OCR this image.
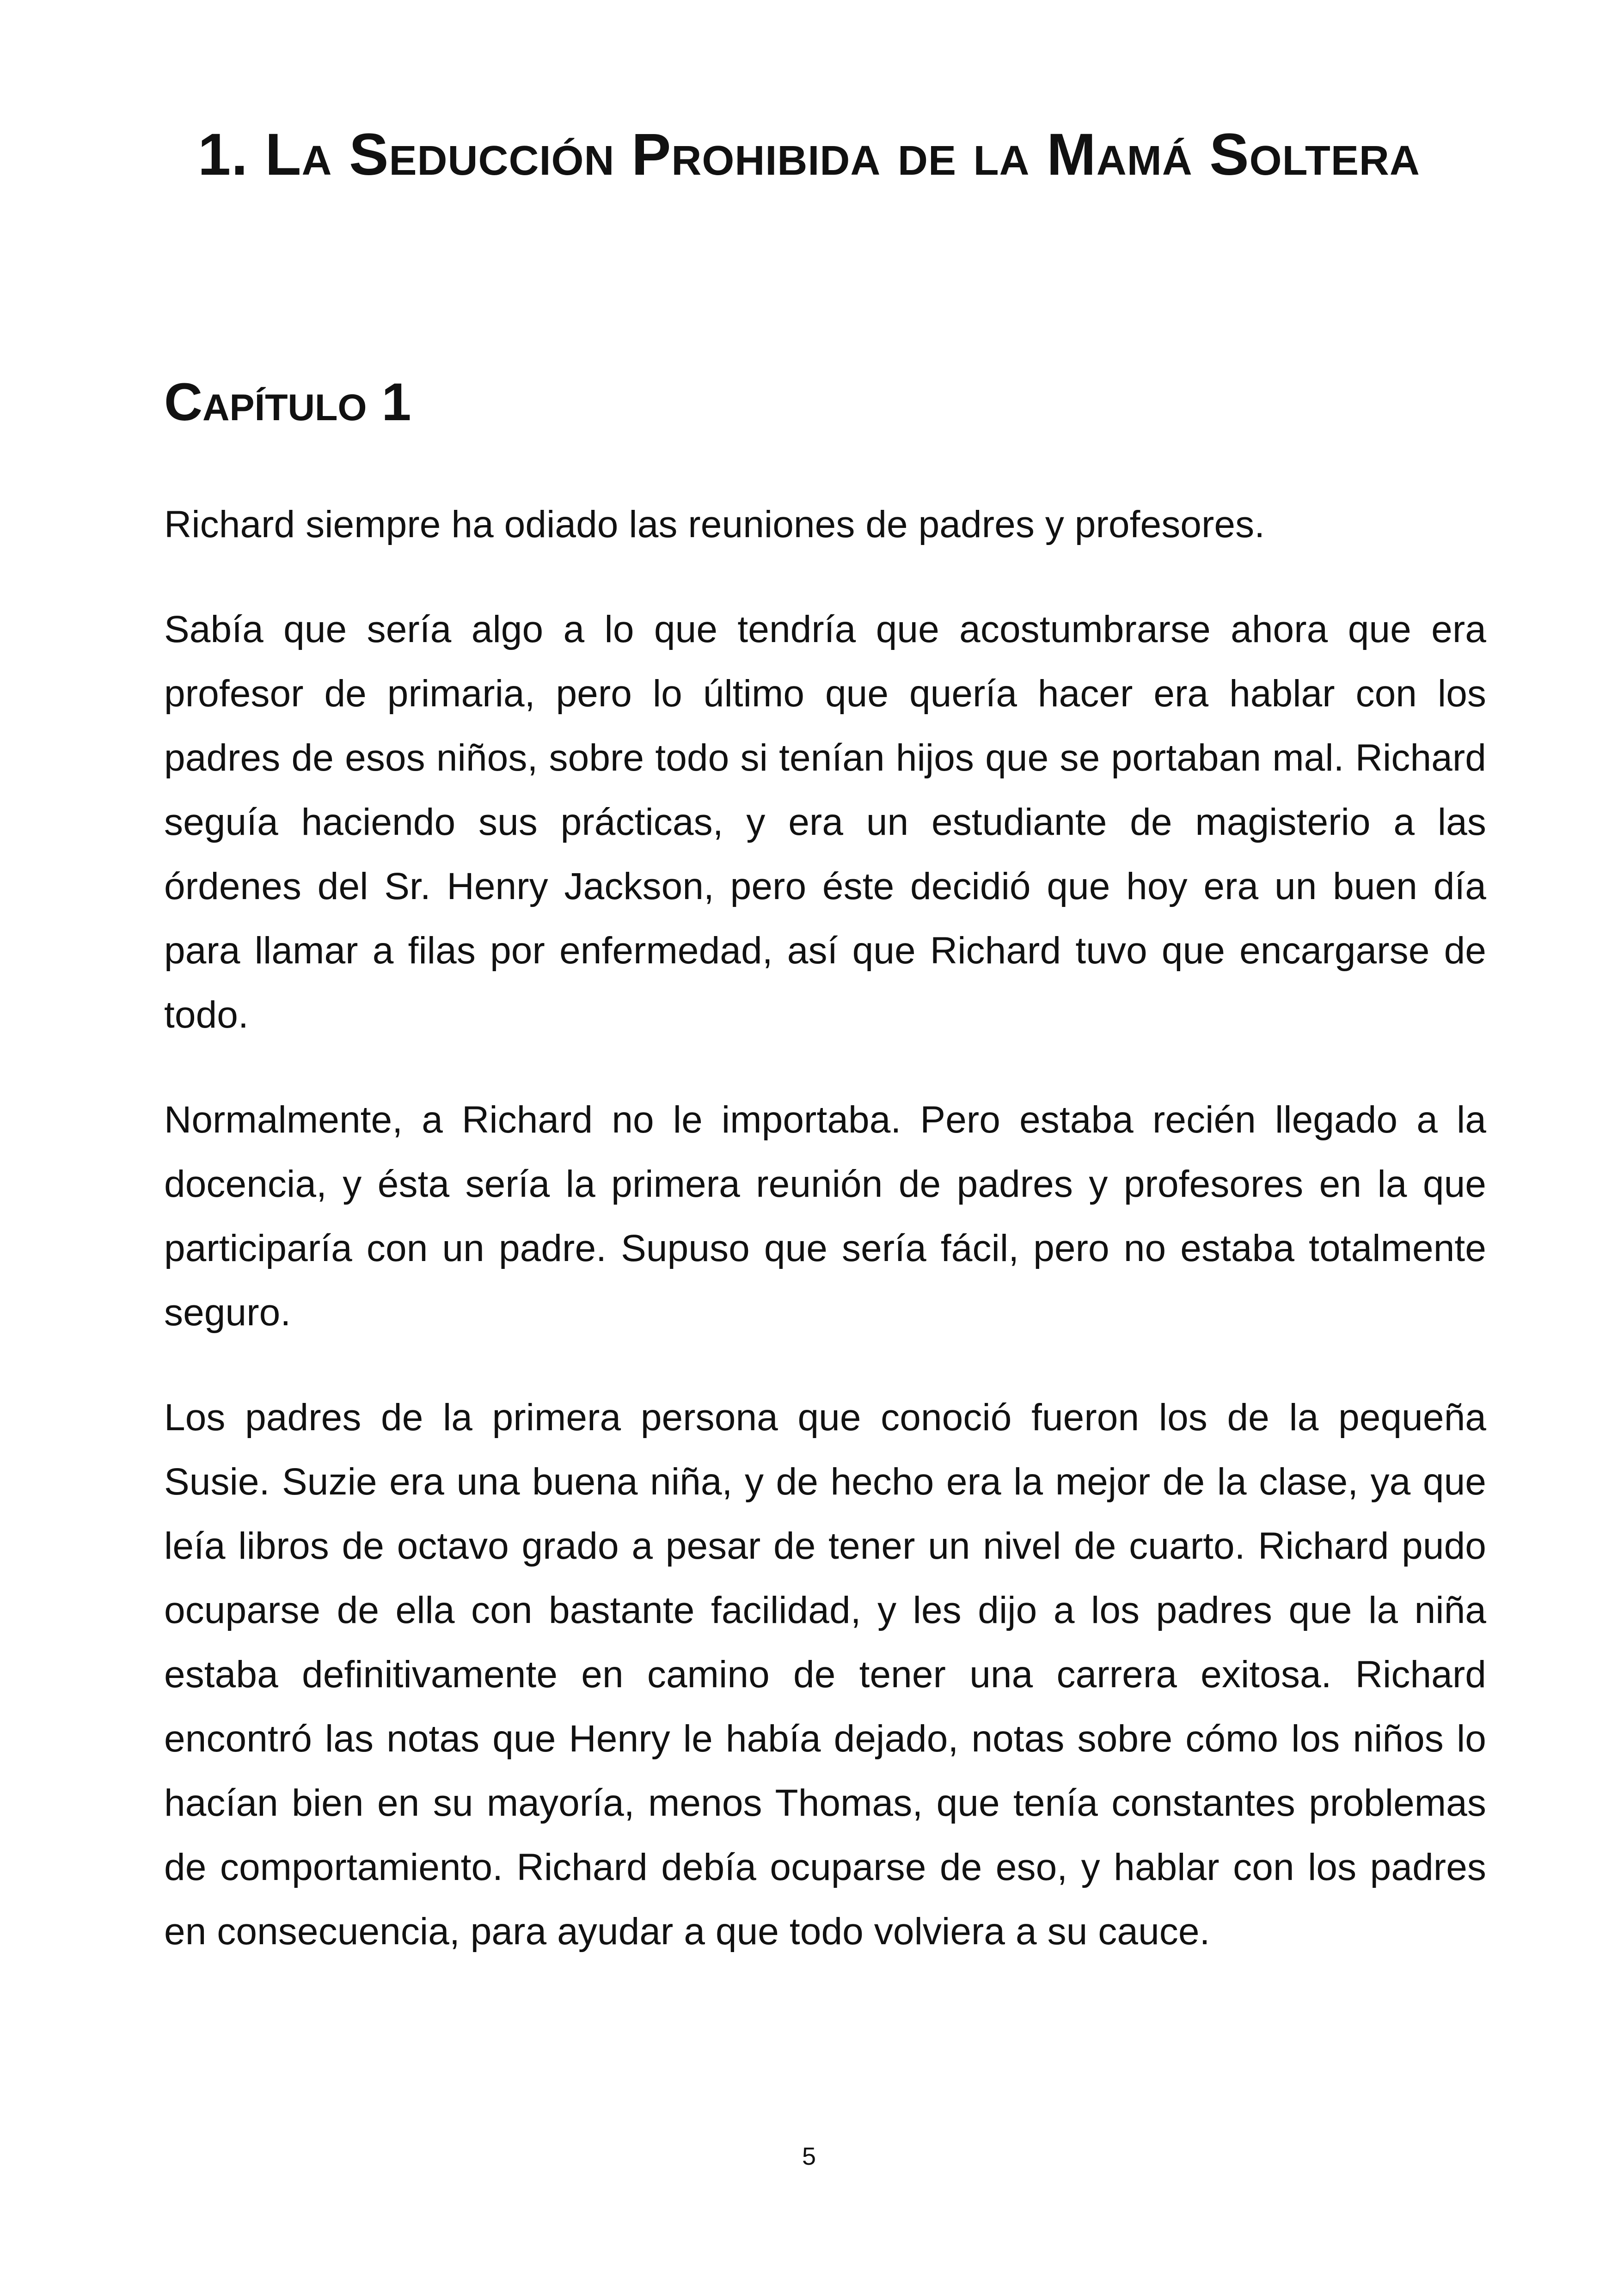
1. La Seducción Prohibida de la Mamá Soltera
Capítulo 1

Richard siempre ha odiado las reuniones de padres y profesores.

Sabía que sería algo a lo que tendría que acostumbrarse ahora que era profesor de primaria, pero lo último que quería hacer era hablar con los padres de esos niños, sobre todo si tenían hijos que se portaban mal. Richard seguía haciendo sus prácticas, y era un estudiante de magisterio a las órdenes del Sr. Henry Jackson, pero éste decidió que hoy era un buen día para llamar a filas por enfermedad, así que Richard tuvo que encargarse de todo.

Normalmente, a Richard no le importaba. Pero estaba recién llegado a la docencia, y ésta sería la primera reunión de padres y profesores en la que participaría con un padre. Supuso que sería fácil, pero no estaba totalmente seguro.

Los padres de la primera persona que conoció fueron los de la pequeña Susie. Suzie era una buena niña, y de hecho era la mejor de la clase, ya que leía libros de octavo grado a pesar de tener un nivel de cuarto. Richard pudo ocuparse de ella con bastante facilidad, y les dijo a los padres que la niña estaba definitivamente en camino de tener una carrera exitosa. Richard encontró las notas que Henry le había dejado, notas sobre cómo los niños lo hacían bien en su mayoría, menos Thomas, que tenía constantes problemas de comportamiento. Richard debía ocuparse de eso, y hablar con los padres en consecuencia, para ayudar a que todo volviera a su cauce.

5
